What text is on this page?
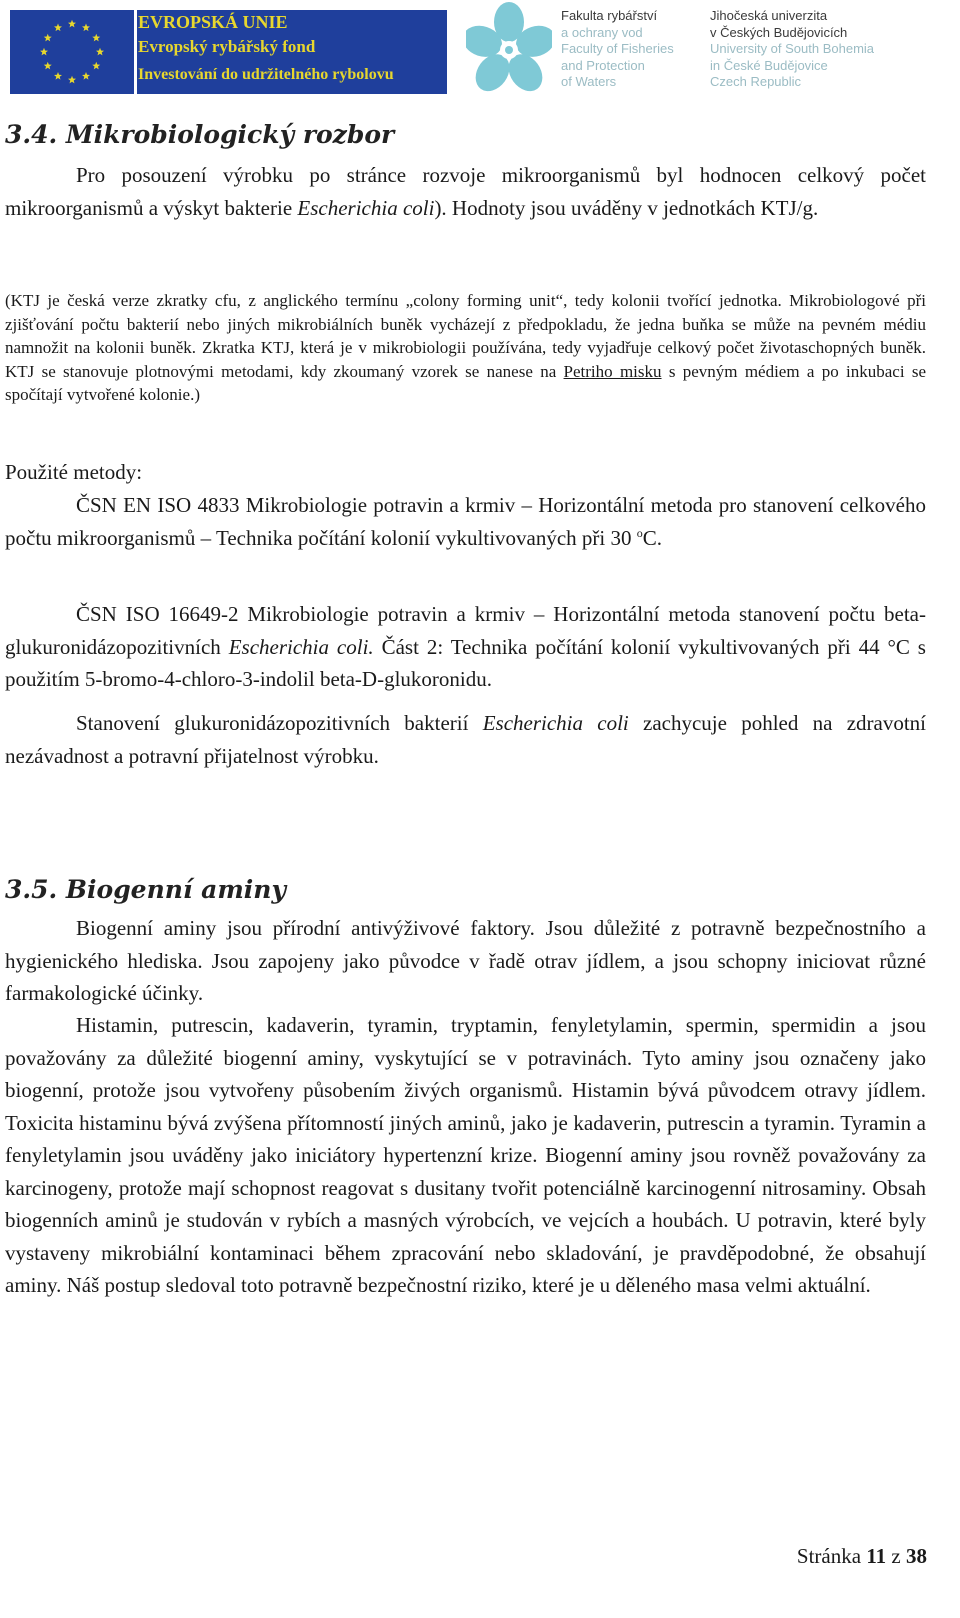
EVROPSKÁ UNIE
Evropský rybářský fond
Investování do udržitelného rybolovu
Fakulta rybářství
a ochrany vod
Faculty of Fisheries
and Protection
of Waters
Jihočeská univerzita
v Českých Budějovicích
University of South Bohemia
in České Budějovice
Czech Republic
3.4. Mikrobiologický rozbor

Pro posouzení výrobku po stránce rozvoje mikroorganismů byl hodnocen celkový počet mikroorganismů a výskyt bakterie Escherichia coli). Hodnoty jsou uváděny v jednotkách KTJ/g.

(KTJ je česká verze zkratky cfu, z anglického termínu „colony forming unit“, tedy kolonii tvořící jednotka. Mikrobiologové při zjišťování počtu bakterií nebo jiných mikrobiálních buněk vycházejí z předpokladu, že jedna buňka se může na pevném médiu namnožit na kolonii buněk. Zkratka KTJ, která je v mikrobiologii používána, tedy vyjadřuje celkový počet životaschopných buněk. KTJ se stanovuje plotnovými metodami, kdy zkoumaný vzorek se nanese na Petriho misku s pevným médiem a po inkubaci se spočítají vytvořené kolonie.)

Použité metody:

ČSN EN ISO 4833 Mikrobiologie potravin a krmiv – Horizontální metoda pro stanovení celkového počtu mikroorganismů – Technika počítání kolonií vykultivovaných při 30 $^o$C.

ČSN ISO 16649-2 Mikrobiologie potravin a krmiv – Horizontální metoda stanovení počtu beta-glukuronidázopozitivních Escherichia coli. Část 2: Technika počítání kolonií vykultivovaných při 44 °C s použitím 5-bromo-4-chloro-3-indolil beta-D-glukoronidu.

Stanovení glukuronidázopozitivních bakterií Escherichia coli zachycuje pohled na zdravotní nezávadnost a potravní přijatelnost výrobku.

3.5. Biogenní aminy

Biogenní aminy jsou přírodní antivýživové faktory. Jsou důležité z potravně bezpečnostního a hygienického hlediska. Jsou zapojeny jako původce v řadě otrav jídlem, a jsou schopny iniciovat různé farmakologické účinky.

Histamin, putrescin, kadaverin, tyramin, tryptamin, fenyletylamin, spermin, spermidin a jsou považovány za důležité biogenní aminy, vyskytující se v potravinách. Tyto aminy jsou označeny jako biogenní, protože jsou vytvořeny působením živých organismů. Histamin bývá původcem otravy jídlem. Toxicita histaminu bývá zvýšena přítomností jiných aminů, jako je kadaverin, putrescin a tyramin. Tyramin a fenyletylamin jsou uváděny jako iniciátory hypertenzní krize. Biogenní aminy jsou rovněž považovány za karcinogeny, protože mají schopnost reagovat s dusitany tvořit potenciálně karcinogenní nitrosaminy. Obsah biogenních aminů je studován v rybích a masných výrobcích, ve vejcích a houbách. U potravin, které byly vystaveny mikrobiální kontaminaci během zpracování nebo skladování, je pravděpodobné, že obsahují aminy. Náš postup sledoval toto potravně bezpečnostní riziko, které je u děleného masa velmi aktuální.

Stránka 11 z 38
